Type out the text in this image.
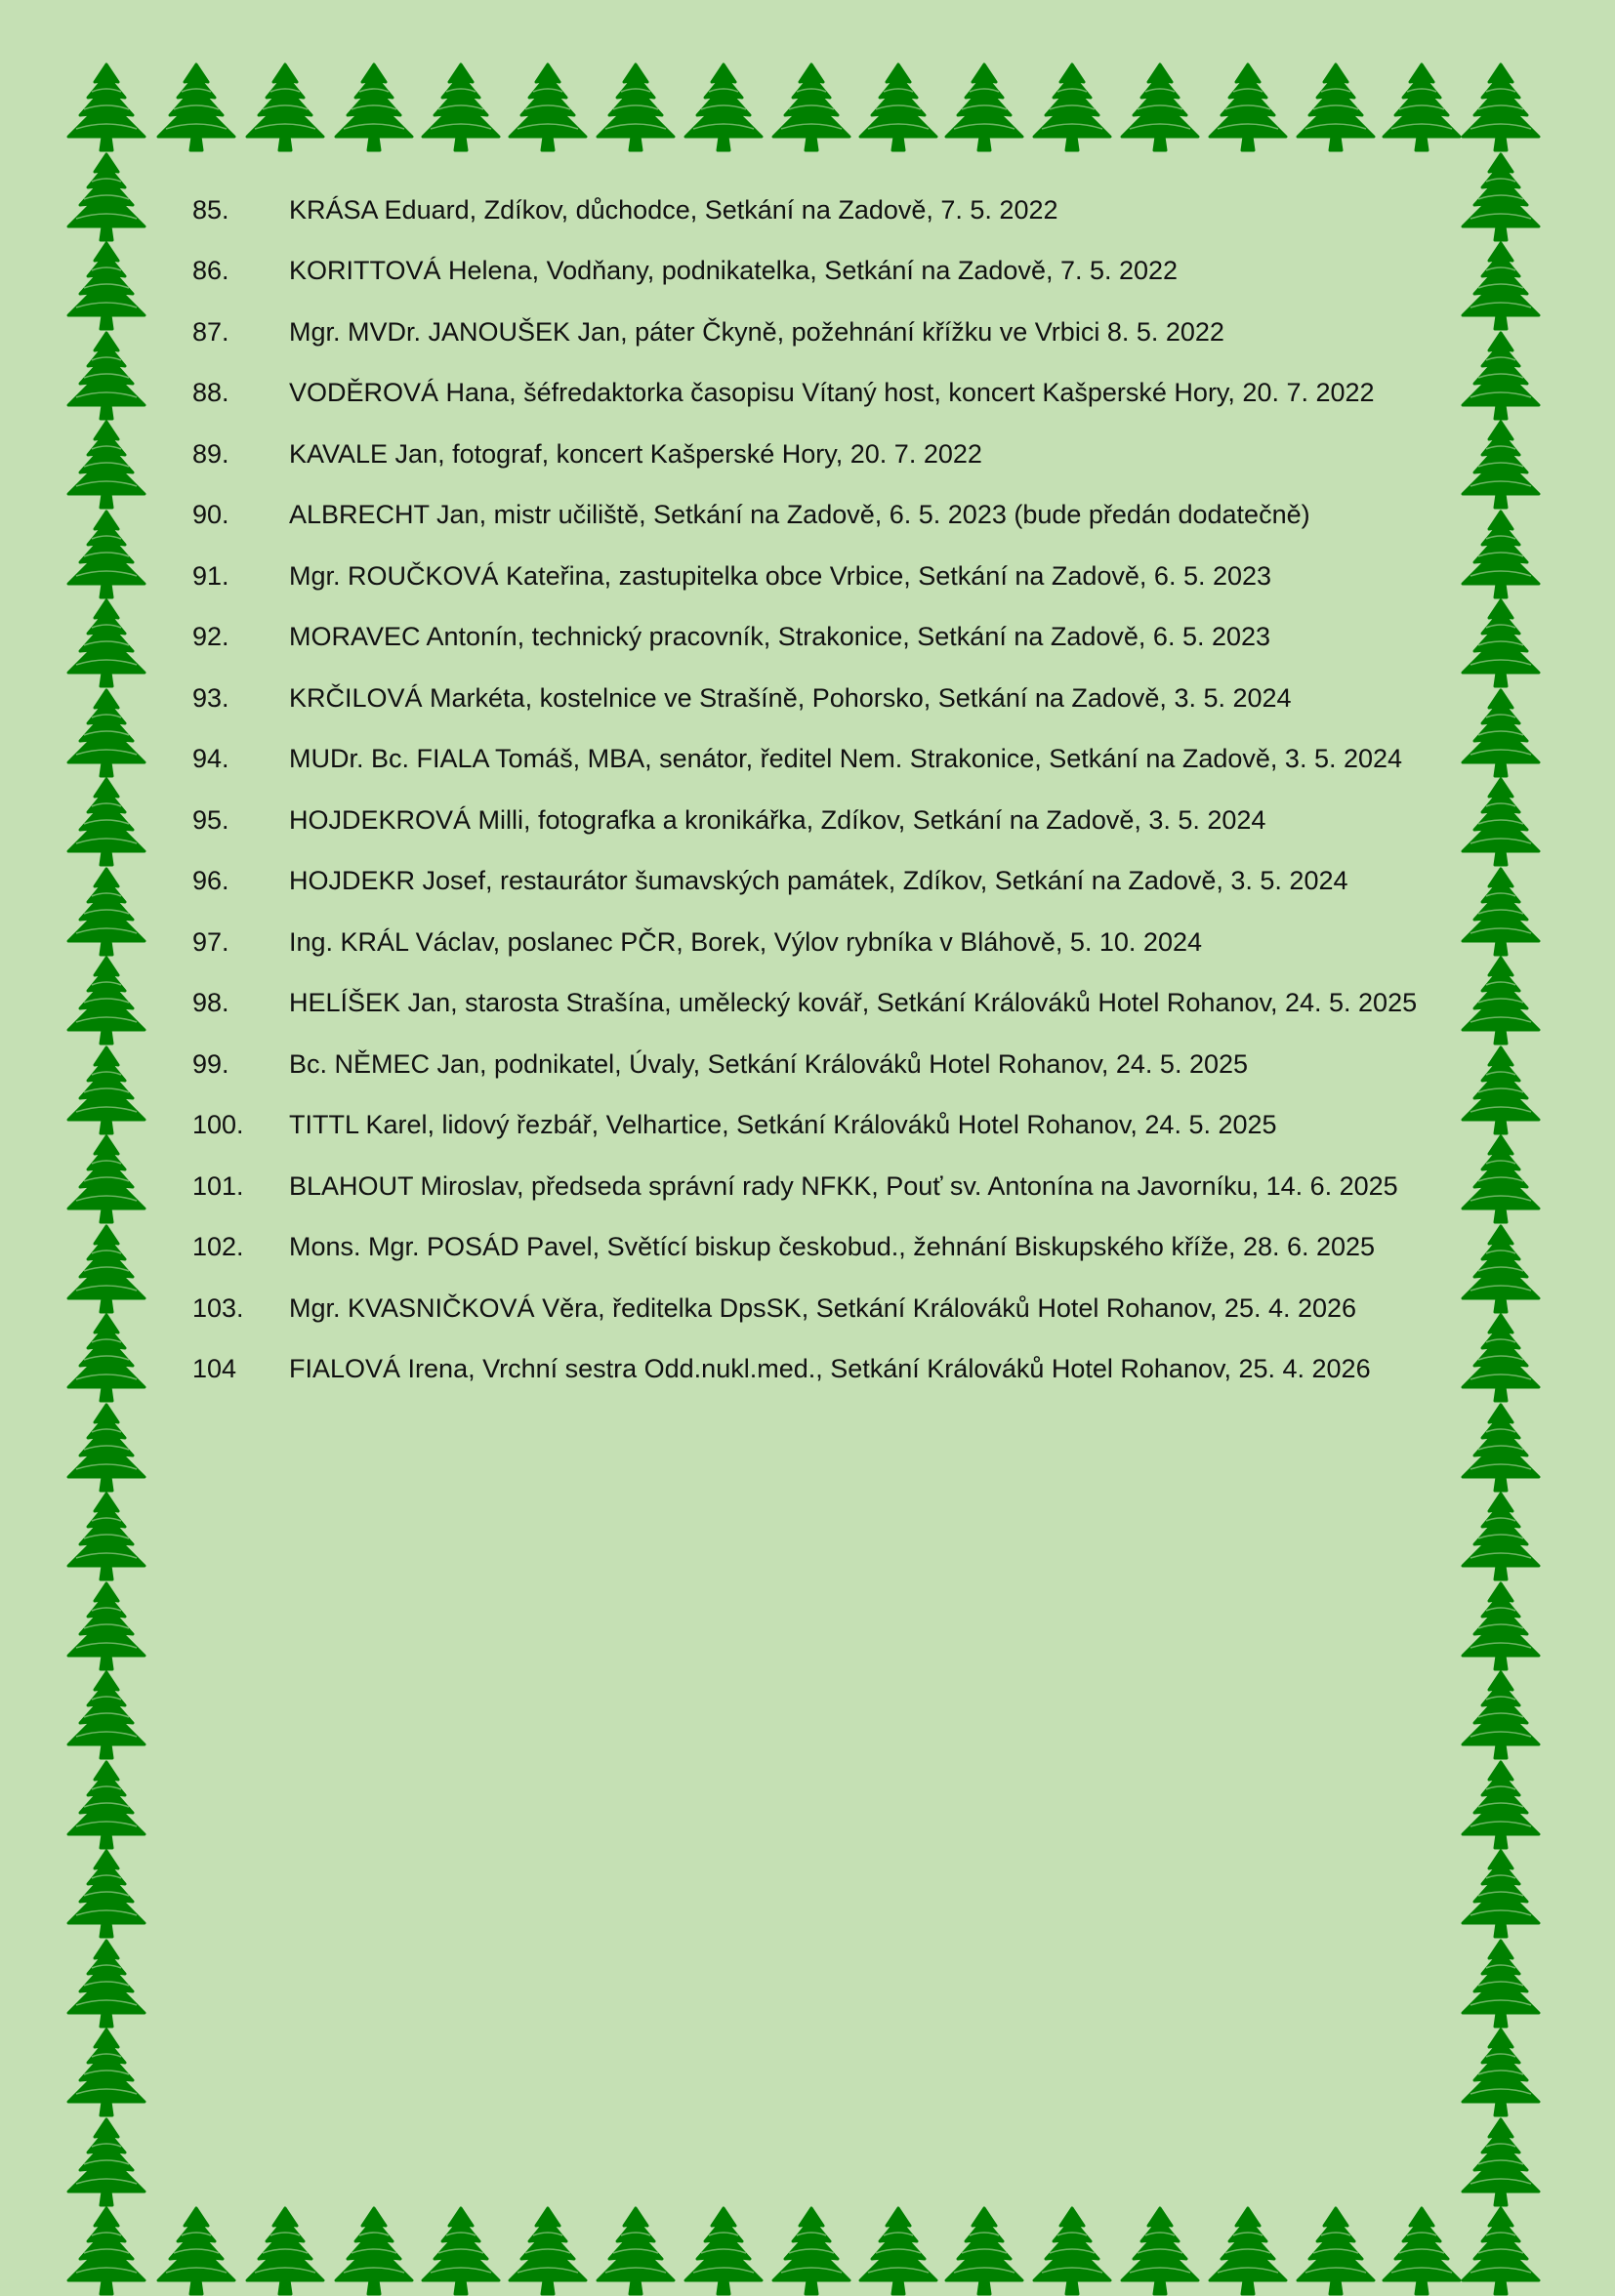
85.	KRÁSA Eduard, Zdíkov, důchodce, Setkání na Zadově, 7. 5. 2022
86.	KORITTOVÁ Helena, Vodňany, podnikatelka, Setkání na Zadově, 7. 5. 2022
87.	Mgr. MVDr. JANOUŠEK Jan, páter Čkyně, požehnání křížku ve Vrbici 8. 5. 2022
88.	VODĚROVÁ Hana, šéfredaktorka časopisu Vítaný host, koncert Kašperské Hory, 20. 7. 2022
89.	KAVALE Jan, fotograf, koncert Kašperské Hory, 20. 7. 2022
90.	ALBRECHT Jan, mistr učiliště, Setkání na Zadově, 6. 5. 2023 (bude předán dodatečně)
91.	Mgr. ROUČKOVÁ Kateřina, zastupitelka obce Vrbice, Setkání na Zadově, 6. 5. 2023
92.	MORAVEC Antonín, technický pracovník, Strakonice, Setkání na Zadově, 6. 5. 2023
93.	KRČILOVÁ Markéta, kostelnice ve Strašíně, Pohorsko, Setkání na Zadově, 3. 5. 2024
94.	MUDr. Bc. FIALA Tomáš, MBA, senátor, ředitel Nem. Strakonice, Setkání na Zadově, 3. 5. 2024
95.	HOJDEKROVÁ Milli, fotografka a kronikářka, Zdíkov, Setkání na Zadově, 3. 5. 2024
96.	HOJDEKR Josef, restaurátor šumavských památek, Zdíkov, Setkání na Zadově, 3. 5. 2024
97.	Ing. KRÁL Václav, poslanec PČR, Borek, Výlov rybníka v Bláhově, 5. 10. 2024
98.	HELÍŠEK Jan, starosta Strašína, umělecký kovář, Setkání Králováků Hotel Rohanov, 24. 5. 2025
99.	Bc. NĚMEC Jan, podnikatel, Úvaly, Setkání Králováků Hotel Rohanov, 24. 5. 2025
100.	TITTL Karel, lidový řezbář, Velhartice, Setkání Králováků Hotel Rohanov, 24. 5. 2025
101.	BLAHOUT Miroslav, předseda správní rady NFKK, Pouť sv. Antonína na Javorníku, 14. 6. 2025
102.	Mons. Mgr. POSÁD Pavel, Světící biskup českobud., žehnání Biskupského kříže, 28. 6. 2025
103.	Mgr. KVASNIČKOVÁ Věra, ředitelka DpsSK, Setkání Králováků Hotel Rohanov, 25. 4. 2026
104	FIALOVÁ Irena, Vrchní sestra Odd.nukl.med., Setkání Králováků Hotel Rohanov, 25. 4. 2026
